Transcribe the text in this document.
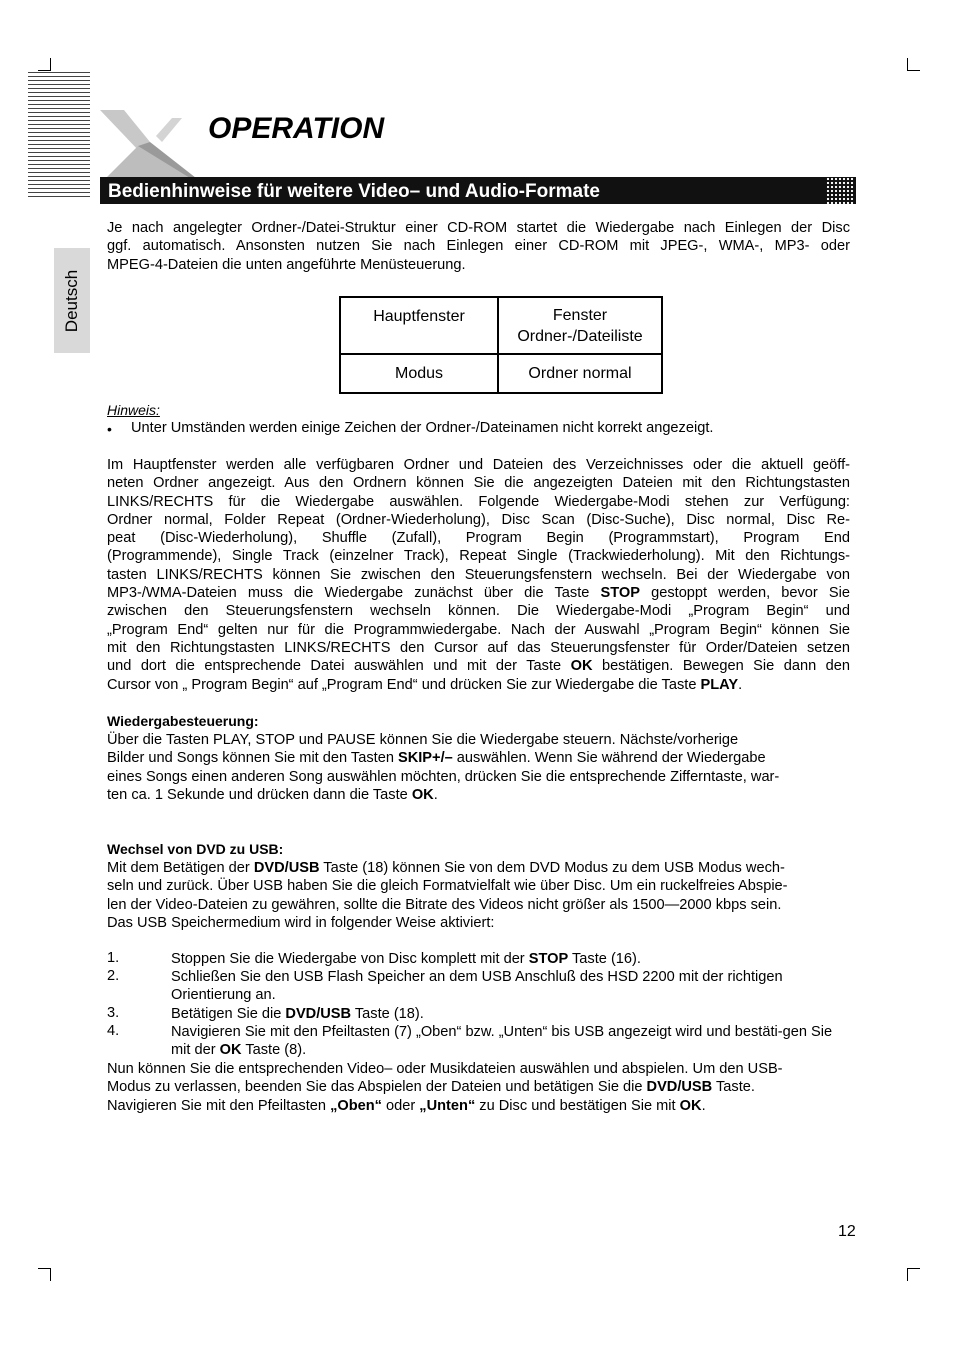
OPERATION
Bedienhinweise für weitere Video– und Audio-Formate
Deutsch
Je nach angelegter Ordner-/Datei-Struktur einer CD-ROM startet die Wiedergabe nach Einlegen der Disc
ggf. automatisch. Ansonsten nutzen Sie nach Einlegen einer CD-ROM mit JPEG-, WMA-, MP3- oder
MPEG-4-Dateien die unten angeführte Menüsteuerung.
Hauptfenster	Fenster
Ordner-/Dateiliste

Modus	Ordner normal
Hinweis:
• Unter Umständen werden einige Zeichen der Ordner-/Dateinamen nicht korrekt angezeigt.
Im Hauptfenster werden alle verfügbaren Ordner und Dateien des Verzeichnisses oder die aktuell geöff-
neten Ordner angezeigt. Aus den Ordnern können Sie die angezeigten Dateien mit den Richtungstasten
LINKS/RECHTS für die Wiedergabe auswählen. Folgende Wiedergabe-Modi stehen zur Verfügung:
Ordner normal, Folder Repeat (Ordner-Wiederholung), Disc Scan (Disc-Suche), Disc normal, Disc Re-
peat (Disc-Wiederholung), Shuffle (Zufall), Program Begin (Programmstart), Program End
(Programmende), Single Track (einzelner Track), Repeat Single (Trackwiederholung). Mit den Richtungs-
tasten LINKS/RECHTS können Sie zwischen den Steuerungsfenstern wechseln. Bei der Wiedergabe von
MP3-/WMA-Dateien muss die Wiedergabe zunächst über die Taste STOP gestoppt werden, bevor Sie
zwischen den Steuerungsfenstern wechseln können. Die Wiedergabe-Modi „Program Begin“ und
„Program End“ gelten nur für die Programmwiedergabe. Nach der Auswahl „Program Begin“ können Sie
mit den Richtungstasten LINKS/RECHTS den Cursor auf das Steuerungsfenster für Order/Dateien setzen
und dort die entsprechende Datei auswählen und mit der Taste OK bestätigen. Bewegen Sie dann den
Cursor von „ Program Begin“ auf „Program End“ und drücken Sie zur Wiedergabe die Taste PLAY.
Wiedergabesteuerung:
Über die Tasten PLAY, STOP und PAUSE können Sie die Wiedergabe steuern. Nächste/vorherige
Bilder und Songs können Sie mit den Tasten SKIP+/– auswählen. Wenn Sie während der Wiedergabe
eines Songs einen anderen Song auswählen möchten, drücken Sie die entsprechende Zifferntaste, war-
ten ca. 1 Sekunde und drücken dann die Taste OK.
Wechsel von DVD zu USB:
Mit dem Betätigen der DVD/USB Taste (18) können Sie von dem DVD Modus zu dem USB Modus wech-
seln und zurück. Über USB haben Sie die gleich Formatvielfalt wie über Disc. Um ein ruckelfreies Abspie-
len der Video-Dateien zu gewähren, sollte die Bitrate des Videos nicht größer als 1500—2000 kbps sein.
Das USB Speichermedium wird in folgender Weise aktiviert:
1.	Stoppen Sie die Wiedergabe von Disc komplett mit der STOP Taste (16).
2.	Schließen Sie den USB Flash Speicher an dem USB Anschluß des HSD 2200 mit der richtigen Orientierung an.
3.	Betätigen Sie die DVD/USB Taste (18).
4.	Navigieren Sie mit den Pfeiltasten (7) „Oben“ bzw. „Unten“ bis USB angezeigt wird und bestäti-gen Sie mit der OK Taste (8).
Nun können Sie die entsprechenden Video– oder Musikdateien auswählen und abspielen. Um den USB-
Modus zu verlassen, beenden Sie das Abspielen der Dateien und betätigen Sie die DVD/USB Taste.
Navigieren Sie mit den Pfeiltasten „Oben“ oder „Unten“ zu Disc und bestätigen Sie mit OK.
12
